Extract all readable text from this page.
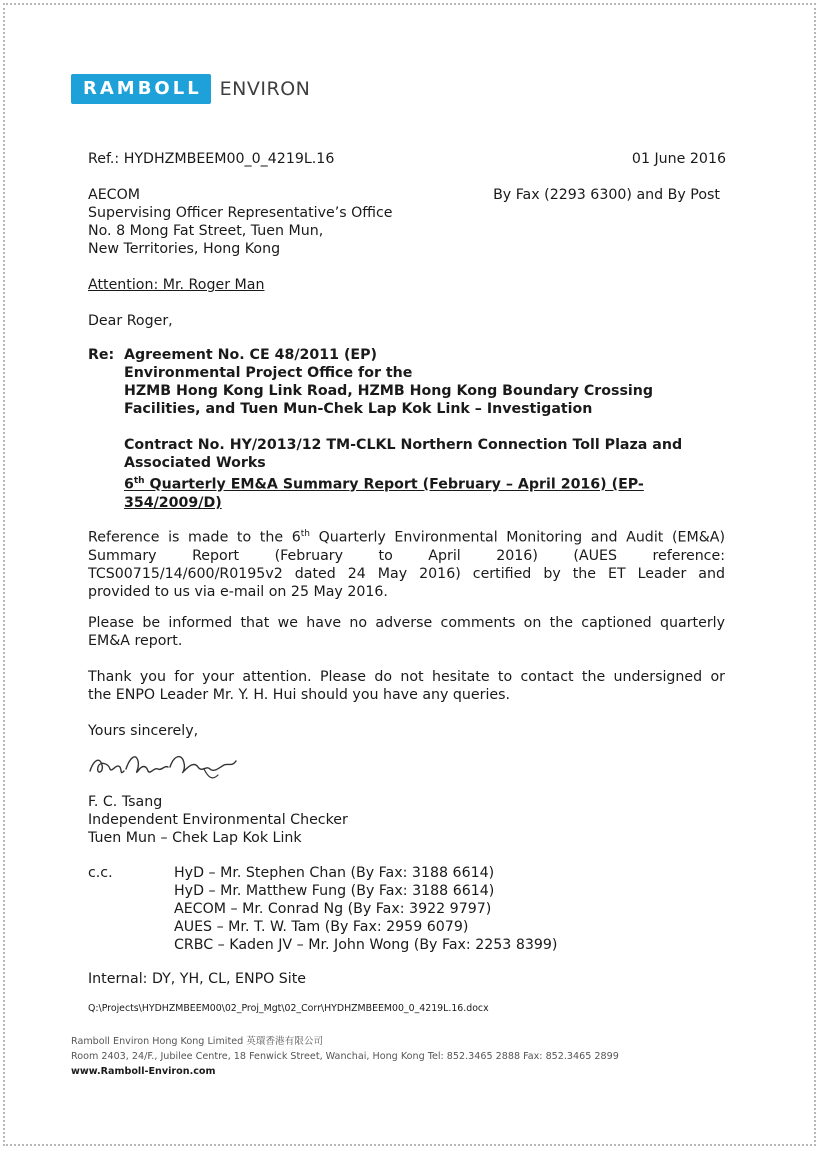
RAMBOLL ENVIRON
Ref.: HYDHZMBEEM00_0_4219L.16	01 June 2016
AECOM
Supervising Officer Representative’s Office
No. 8 Mong Fat Street, Tuen Mun,
New Territories, Hong Kong
By Fax (2293 6300) and By Post
Attention: Mr. Roger Man
Dear Roger,
Re: Agreement No. CE 48/2011 (EP)
Environmental Project Office for the
HZMB Hong Kong Link Road, HZMB Hong Kong Boundary Crossing
Facilities, and Tuen Mun-Chek Lap Kok Link – Investigation
Contract No. HY/2013/12 TM-CLKL Northern Connection Toll Plaza and
Associated Works
6th Quarterly EM&A Summary Report (February – April 2016) (EP-
354/2009/D)
Reference is made to the 6th Quarterly Environmental Monitoring and Audit (EM&A)
Summary Report (February to April 2016) (AUES reference:
TCS00715/14/600/R0195v2 dated 24 May 2016) certified by the ET Leader and
provided to us via e-mail on 25 May 2016.
Please be informed that we have no adverse comments on the captioned quarterly
EM&A report.
Thank you for your attention. Please do not hesitate to contact the undersigned or
the ENPO Leader Mr. Y. H. Hui should you have any queries.
Yours sincerely,
F. C. Tsang
Independent Environmental Checker
Tuen Mun – Chek Lap Kok Link
c.c.	HyD – Mr. Stephen Chan (By Fax: 3188 6614)
HyD – Mr. Matthew Fung (By Fax: 3188 6614)
AECOM – Mr. Conrad Ng (By Fax: 3922 9797)
AUES – Mr. T. W. Tam (By Fax: 2959 6079)
CRBC – Kaden JV – Mr. John Wong (By Fax: 2253 8399)
Internal: DY, YH, CL, ENPO Site
Q:\Projects\HYDHZMBEEM00\02_Proj_Mgt\02_Corr\HYDHZMBEEM00_0_4219L.16.docx
Ramboll Environ Hong Kong Limited 英環香港有限公司
Room 2403, 24/F., Jubilee Centre, 18 Fenwick Street, Wanchai, Hong Kong Tel: 852.3465 2888 Fax: 852.3465 2899
www.Ramboll-Environ.com
